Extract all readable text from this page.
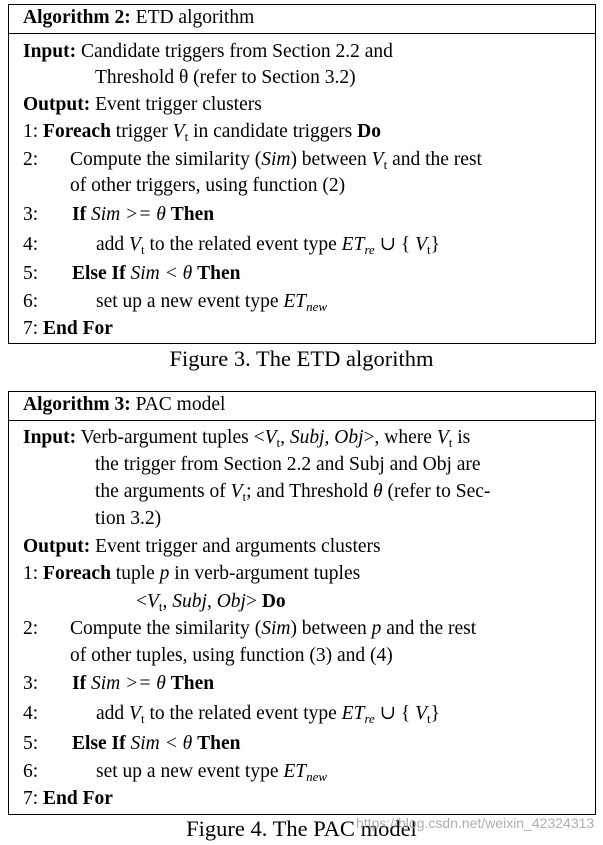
Algorithm 2: ETD algorithm
Input: Candidate triggers from Section 2.2 and
Threshold θ (refer to Section 3.2)
Output: Event trigger clusters
1: Foreach trigger $V_t$ in candidate triggers Do
2: Compute the similarity (Sim) between $V_t$ and the rest
of other triggers, using function (2)
3: If Sim >= θ Then
4:	add $V_t$ to the related event type $ET_{re}$ ∪ { $V_t$}
5: Else If Sim < θ Then
6:	set up a new event type $ET_{new}$
7: End For
Figure 3. The ETD algorithm
Algorithm 3: PAC model
Input: Verb-argument tuples $<V_t$, Subj, Obj>, where $V_t$ is
the trigger from Section 2.2 and Subj and Obj are
the arguments of $V_t$; and Threshold θ (refer to Sec-
tion 3.2)
Output: Event trigger and arguments clusters
1: Foreach tuple p in verb-argument tuples
$<V_t$, Subj, Obj> Do
2: Compute the similarity (Sim) between p and the rest
of other tuples, using function (3) and (4)
3: If Sim >= θ Then
4:	add $V_t$ to the related event type $ET_{re}$ ∪ { $V_t$}
5: Else If Sim < θ Then
6:	set up a new event type $ET_{new}$
7: End For
Figure 4. The PAC model
https://blog.csdn.net/weixin_42324313
